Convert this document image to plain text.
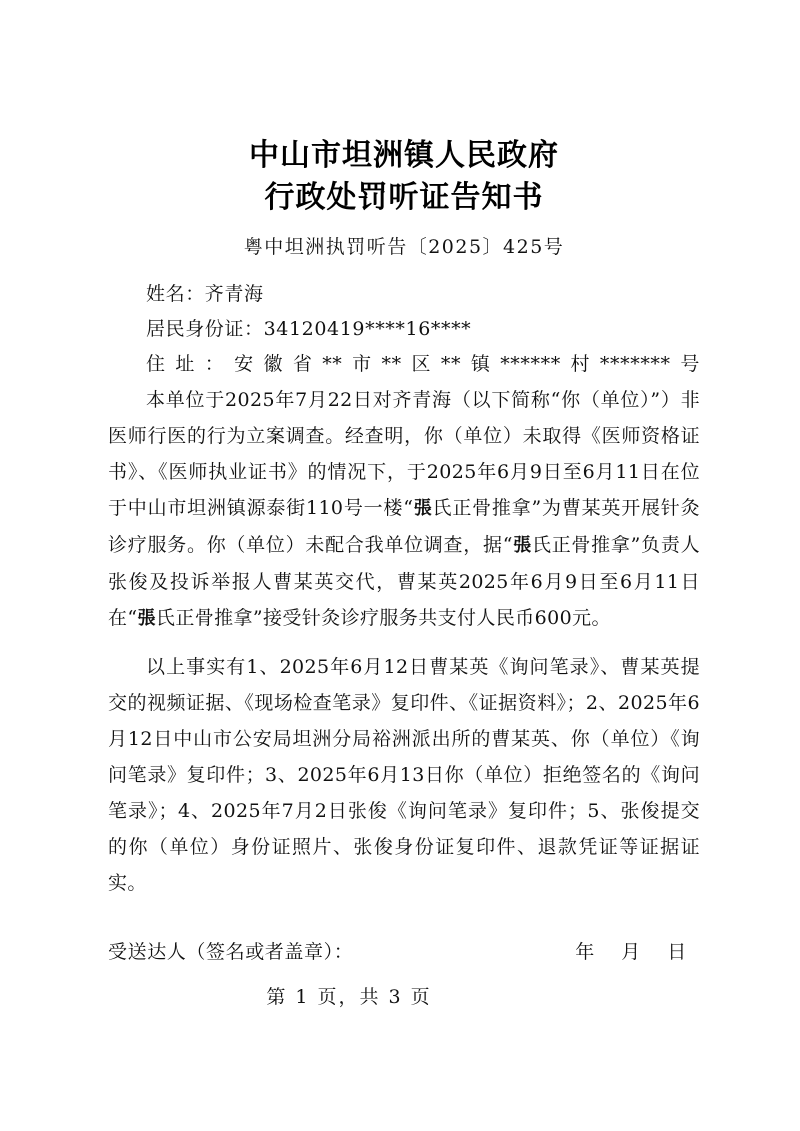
中山市坦洲镇人民政府
行政处罚听证告知书
粤中坦洲执罚听告〔2025〕425号
姓名：齐青海
居民身份证：34120419****16****
住址：安徽省**市**区**镇******村*******号

本单位于2025年7月22日对齐青海（以下简称“你（单位）”）非医师行医的行为立案调查。经查明，你（单位）未取得《医师资格证书》、《医师执业证书》的情况下，于2025年6月9日至6月11日在位于中山市坦洲镇源泰街110号一楼“張氏正骨推拿”为曹某英开展针灸诊疗服务。你（单位）未配合我单位调查，据“張氏正骨推拿”负责人张俊及投诉举报人曹某英交代，曹某英2025年6月9日至6月11日在“張氏正骨推拿”接受针灸诊疗服务共支付人民币600元。

以上事实有1、2025年6月12日曹某英《询问笔录》、曹某英提交的视频证据、《现场检查笔录》复印件、《证据资料》；2、2025年6月12日中山市公安局坦洲分局裕洲派出所的曹某英、你（单位）《询问笔录》复印件；3、2025年6月13日你（单位）拒绝签名的《询问笔录》；4、2025年7月2日张俊《询问笔录》复印件；5、张俊提交的你（单位）身份证照片、张俊身份证复印件、退款凭证等证据证实。

受送达人（签名或者盖章）：	年 月 日
第 1 页，共 3 页
